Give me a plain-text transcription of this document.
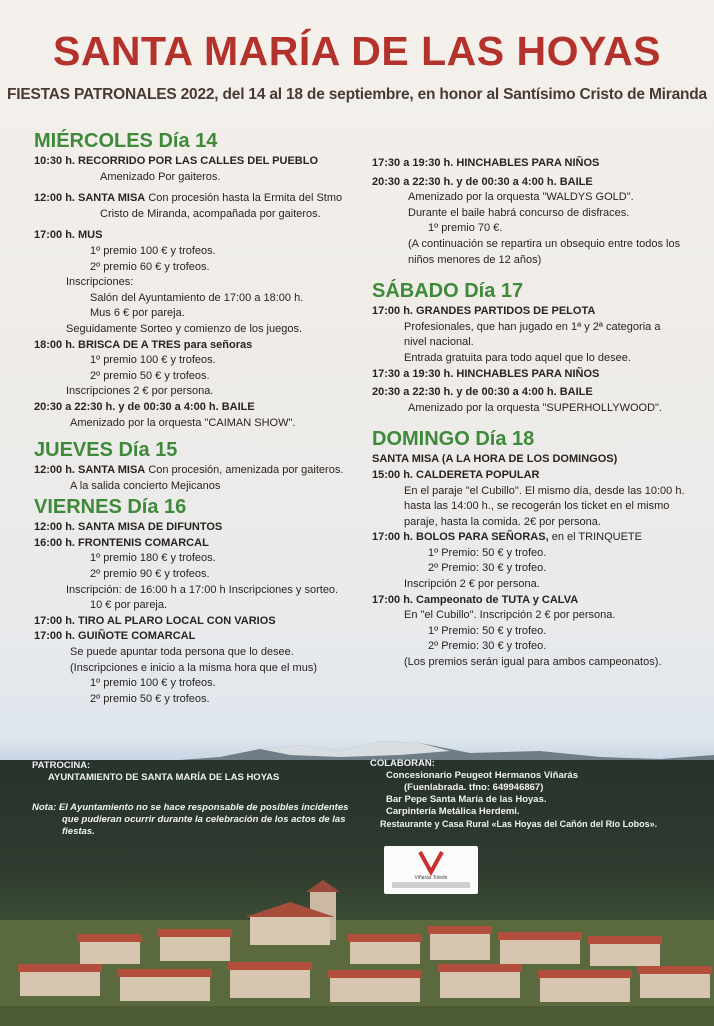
SANTA MARÍA DE LAS HOYAS
FIESTAS PATRONALES 2022, del 14 al 18 de septiembre, en honor al Santísimo Cristo de Miranda

MIÉRCOLES Día 14

10:30 h. RECORRIDO POR LAS CALLES DEL PUEBLO

Amenizado Por gaiteros.

12:00 h. SANTA MISA Con procesión hasta la Ermita del Stmo

Cristo de Miranda, acompañada por gaiteros.

17:00 h. MUS

1º premio 100 € y trofeos.

2º premio 60 € y trofeos.

Inscripciones:

Salón del Ayuntamiento de 17:00 a 18:00 h.

Mus 6 € por pareja.

Seguidamente Sorteo y comienzo de los juegos.

18:00 h. BRISCA DE A TRES para señoras

1º premio 100 € y trofeos.

2º premio 50 € y trofeos.

Inscripciones 2 € por persona.

20:30 a 22:30 h. y de 00:30 a 4:00 h. BAILE

Amenizado por la orquesta "CAIMAN SHOW".

JUEVES Día 15

12:00 h. SANTA MISA Con procesión, amenizada por gaiteros.

A la salida concierto Mejicanos

VIERNES Día 16

12:00 h. SANTA MISA DE DIFUNTOS

16:00 h. FRONTENIS COMARCAL

1º premio 180 € y trofeos.

2º premio 90 € y trofeos.

Inscripción: de 16:00 h a 17:00 h Inscripciones y sorteo.

10 € por pareja.

17:00 h. TIRO AL PLARO LOCAL CON VARIOS

17:00 h. GUIÑOTE COMARCAL

Se puede apuntar toda persona que lo desee.

(Inscripciones e inicio a la misma hora que el mus)

1º premio 100 € y trofeos.

2º premio 50 € y trofeos.

17:30 a 19:30 h. HINCHABLES PARA NIÑOS

20:30 a 22:30 h. y de 00:30 a 4:00 h. BAILE

Amenizado por la orquesta "WALDYS GOLD".

Durante el baile habrá concurso de disfraces.

1º premio 70 €.

(A continuación se repartira un obsequio entre todos los

niños menores de 12 años)

SÁBADO Día 17

17:00 h. GRANDES PARTIDOS DE PELOTA

Profesionales, que han jugado en 1ª y 2ª categoria a

nivel nacional.

Entrada gratuita para todo aquel que lo desee.

17:30 a 19:30 h. HINCHABLES PARA NIÑOS

20:30 a 22:30 h. y de 00:30 a 4:00 h. BAILE

Amenizado por la orquesta "SUPERHOLLYWOOD".

DOMINGO Día 18

SANTA MISA (A LA HORA DE LOS DOMINGOS)

15:00 h. CALDERETA POPULAR

En el paraje "el Cubillo". El mismo día, desde las 10:00 h.

hasta las 14:00 h., se recogerán los ticket en el mismo

paraje, hasta la comida. 2€ por persona.

17:00 h. BOLOS PARA SEÑORAS, en el TRINQUETE

1º Premio: 50 € y trofeo.

2º Premio: 30 € y trofeo.

Inscripción 2 € por persona.

17:00 h. Campeonato de TUTA y CALVA

En "el Cubillo". Inscripción 2 € por persona.

1º Premio: 50 € y trofeo.

2º Premio: 30 € y trofeo.

(Los premios serán igual para ambos campeonatos).

PATROCINA:

AYUNTAMIENTO DE SANTA MARÍA DE LAS HOYAS

Nota: El Ayuntamiento no se hace responsable de posibles incidentes

que pudieran ocurrir durante la celebración de los actos de las

fiestas.

COLABORAN:

Concesionario Peugeot Hermanos Viñarás

(Fuenlabrada. tfno: 649946867)

Bar Pepe Santa María de las Hoyas.

Carpintería Metálica Herdemi.

Restaurante y Casa Rural «Las Hoyas del Cañón del Río Lobos».

Viñarás Toledo
